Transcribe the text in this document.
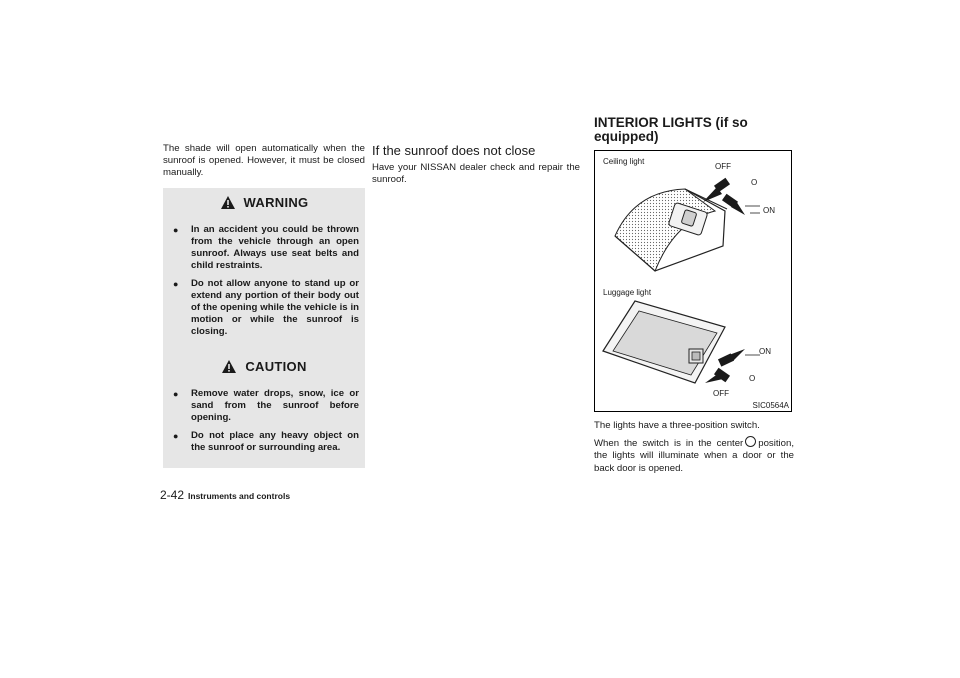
The shade will open automatically when the sunroof is opened. However, it must be closed manually.

WARNING
●	In an accident you could be thrown from the vehicle through an open sunroof. Always use seat belts and child restraints.
●	Do not allow anyone to stand up or extend any portion of their body out of the opening while the vehicle is in motion or while the sunroof is closing.
CAUTION
●	Remove water drops, snow, ice or sand from the sunroof before opening.
●	Do not place any heavy object on the sunroof or surrounding area.
If the sunroof does not close

Have your NISSAN dealer check and repair the sunroof.

INTERIOR LIGHTS (if so equipped)
Ceiling light
OFF
O
ON
Luggage light
ON
O
OFF
SIC0564A

The lights have a three-position switch.

When the switch is in the center position, the lights will illuminate when a door or the back door is opened.

2-42 Instruments and controls
